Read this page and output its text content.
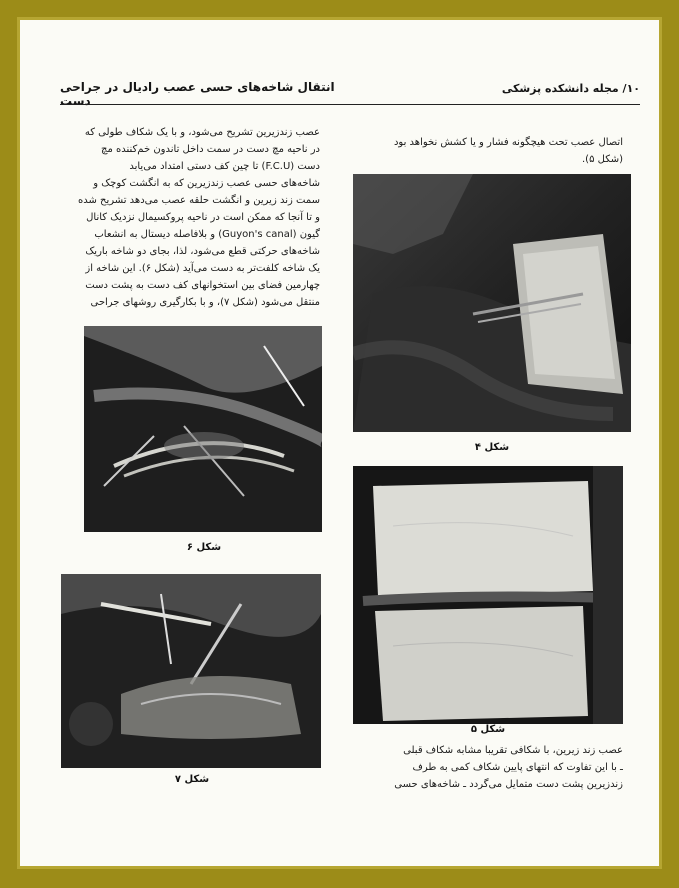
انتقال شاخه‌های حسی عصب رادیال در جراحی دست
۱۰/ مجله دانشکده پزشکی
عصب زندزیرین تشریح می‌شود، و با یک شکاف طولی که
در ناحیه مچ دست در سمت داخل تاندون خم‌کننده مچ
دست (F.C.U) تا چین کف دستی امتداد می‌یابد
شاخه‌های حسی عصب زندزیرین که به انگشت کوچک و
سمت زند زیرین و انگشت حلقه عصب می‌دهد تشریح شده
و تا آنجا که ممکن است در ناحیه پروکسیمال نزدیک کانال
گیون (Guyon's canal) و بلافاصله دیستال به انشعاب
شاخه‌های حرکتی قطع می‌شود، لذا، بجای دو شاخه باریک
یک شاخه کلفت‌تر به دست می‌آید (شکل ۶). این شاخه از
چهارمین فضای بین استخوانهای کف دست به پشت دست
منتقل می‌شود (شکل ۷)، و با بکارگیری روشهای جراحی
اتصال عصب تحت هیچگونه فشار و یا کشش نخواهد بود
(شکل ۵).
شکل ۴
شکل ۶
شکل ۵
شکل ۷
عصب زند زیرین، با شکافی تقریبا مشابه شکاف قبلی
ـ با این تفاوت که انتهای پایین شکاف کمی به طرف
زندزیرین پشت دست متمایل می‌گردد ـ شاخه‌های حسی
